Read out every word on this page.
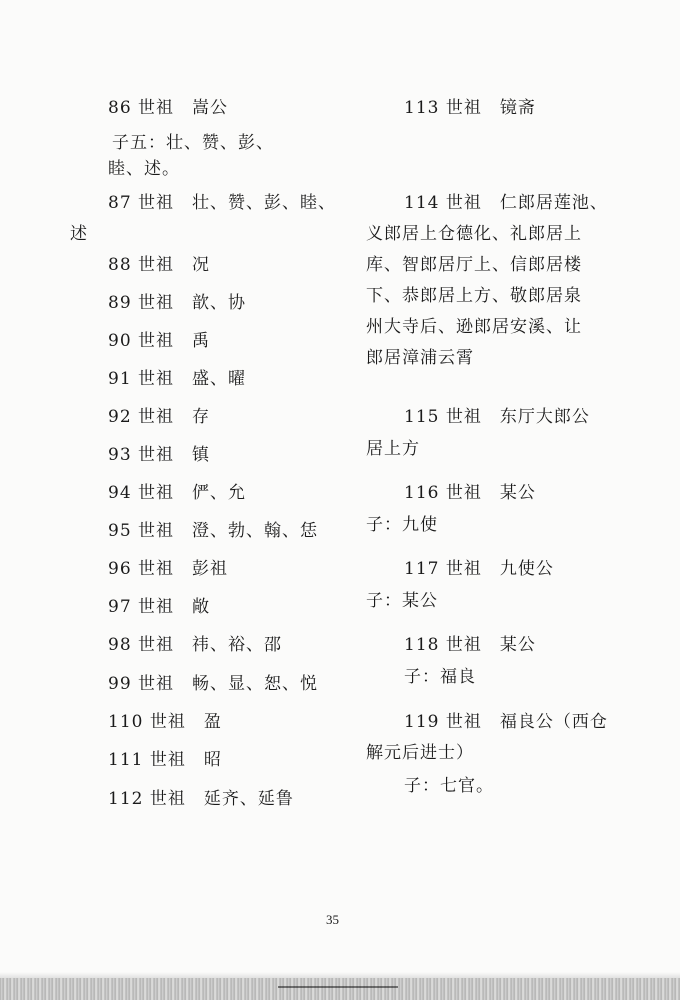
86 世祖　嵩公
子五：壮、赞、彭、
睦、述。
87 世祖　壮、赞、彭、睦、
述
88 世祖　况
89 世祖　歆、协
90 世祖　禹
91 世祖　盛、曜
92 世祖　存
93 世祖　镇
94 世祖　俨、允
95 世祖　澄、勃、翰、恁
96 世祖　彭祖
97 世祖　敞
98 世祖　祎、裕、邵
99 世祖　畅、显、恕、悦
110 世祖　盈
111 世祖　昭
112 世祖　延齐、延鲁
113 世祖　镜斋
114 世祖　仁郎居莲池、
义郎居上仓德化、礼郎居上
库、智郎居厅上、信郎居楼
下、恭郎居上方、敬郎居泉
州大寺后、逊郎居安溪、让
郎居漳浦云霄
115 世祖　东厅大郎公
居上方
116 世祖　某公
子：九使
117 世祖　九使公
子：某公
118 世祖　某公
子：福良
119 世祖　福良公（西仓
解元后进士）
子：七官。
35
